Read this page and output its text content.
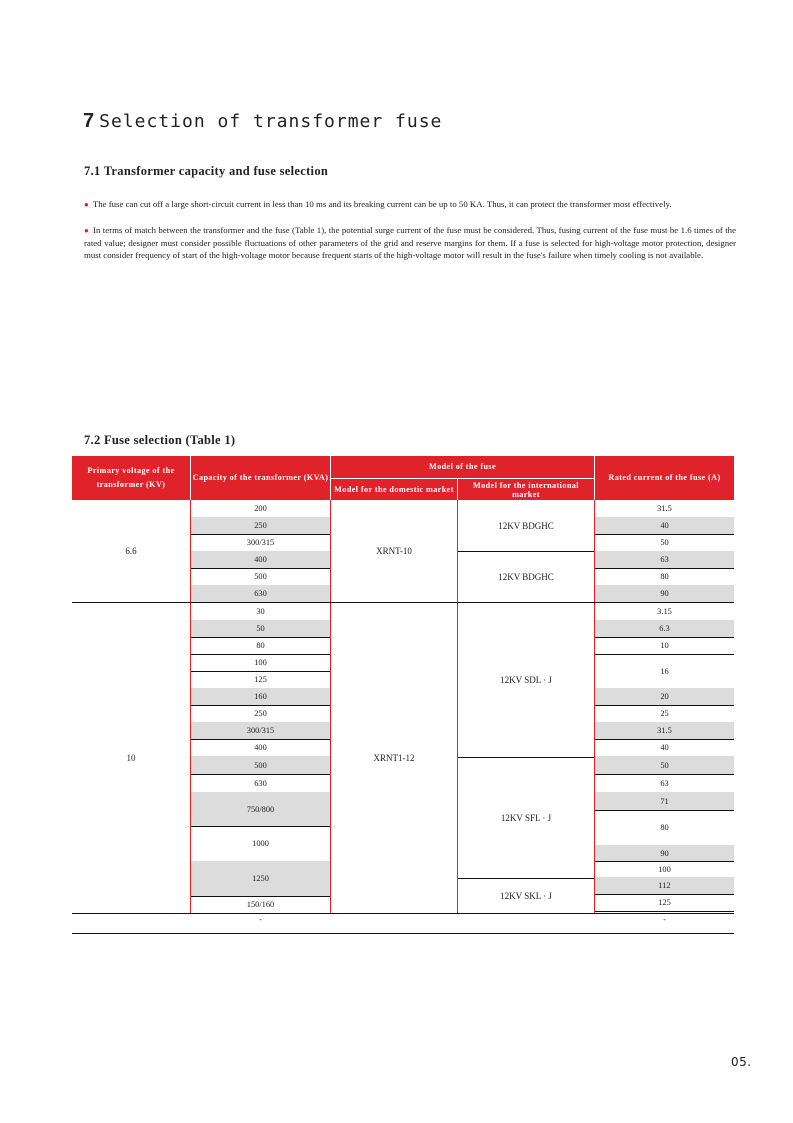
7 Selection of transformer fuse
7.1 Transformer capacity and fuse selection
● The fuse can cut off a large short-circuit current in less than 10 ms and its breaking current can be up to 50 KA. Thus, it can protect the transformer most effectively.
● In terms of match between the transformer and the fuse (Table 1), the potential surge current of the fuse must be considered. Thus, fusing current of the fuse must be 1.6 times of the rated value; designer must consider possible fluctuations of other parameters of the grid and reserve margins for them. If a fuse is selected for high-voltage motor protection, designer must consider frequency of start of the high-voltage motor because frequent starts of the high-voltage motor will result in the fuse's failure when timely cooling is not available.
7.2 Fuse selection (Table 1)
Primary voltage of the transformer (KV)
Capacity of the transformer (KVA)
Model of the fuse
Model for the domestic market	Model for the international market
Rated current of the fuse (A)
6.6
10
XRNT-10
XRNT1-12
12KV BDGHC
12KV BDGHC
12KV SDL · J
12KV SFL · J
12KV SKL · J
200
250
300/315
400
500
630
30
50
80
100
125
160
250
300/315
400
500
630
750/800
1000
1250
150/160
-
31.5
40
50
63
80
90
3.15
6.3
10
16
20
25
31.5
40
50
63
71
80
90
100
112
125
-
05.
